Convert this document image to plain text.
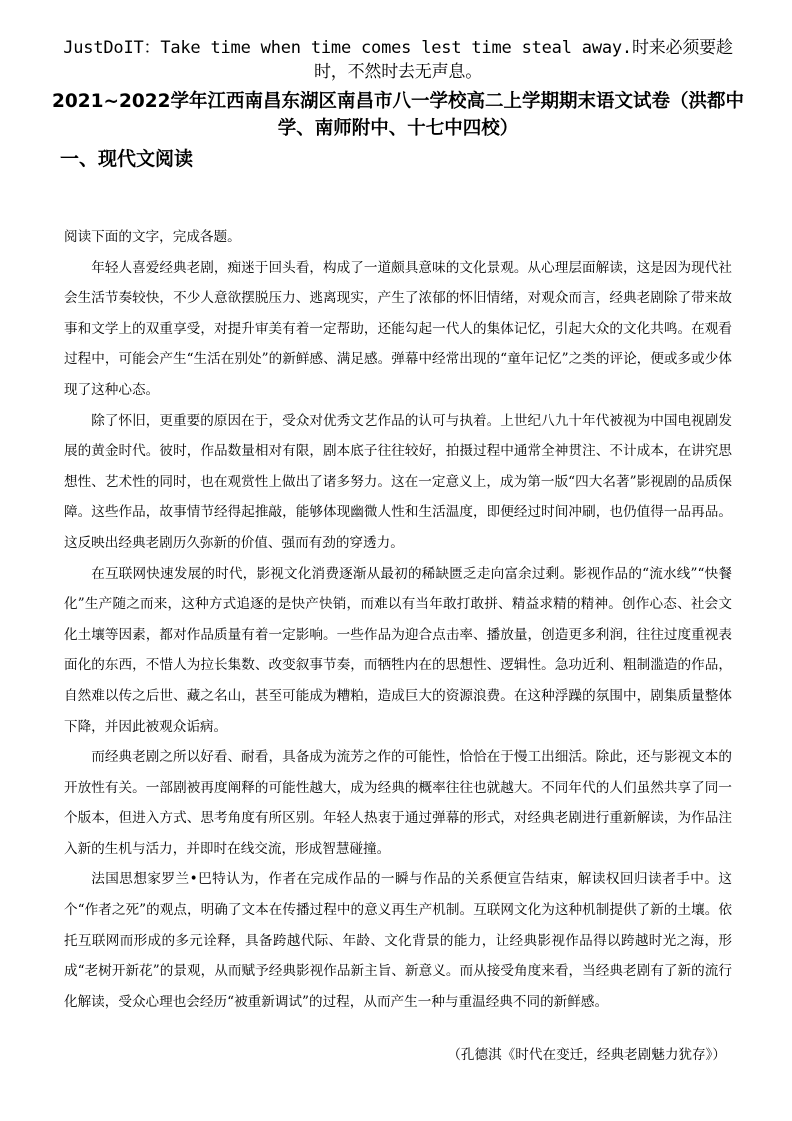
JustDoIT：Take time when time comes lest time steal away.时来必须要趁时，不然时去无声息。
2021~2022学年江西南昌东湖区南昌市八一学校高二上学期期末语文试卷（洪都中学、南师附中、十七中四校）
一、现代文阅读

阅读下面的文字，完成各题。

年轻人喜爱经典老剧，痴迷于回头看，构成了一道颇具意味的文化景观。从心理层面解读，这是因为现代社会生活节奏较快，不少人意欲摆脱压力、逃离现实，产生了浓郁的怀旧情绪，对观众而言，经典老剧除了带来故事和文学上的双重享受，对提升审美有着一定帮助，还能勾起一代人的集体记忆，引起大众的文化共鸣。在观看过程中，可能会产生“生活在别处”的新鲜感、满足感。弹幕中经常出现的“童年记忆”之类的评论，便或多或少体现了这种心态。

除了怀旧，更重要的原因在于，受众对优秀文艺作品的认可与执着。上世纪八九十年代被视为中国电视剧发展的黄金时代。彼时，作品数量相对有限，剧本底子往往较好，拍摄过程中通常全神贯注、不计成本，在讲究思想性、艺术性的同时，也在观赏性上做出了诸多努力。这在一定意义上，成为第一版“四大名著”影视剧的品质保障。这些作品，故事情节经得起推敲，能够体现幽微人性和生活温度，即便经过时间冲刷，也仍值得一品再品。这反映出经典老剧历久弥新的价值、强而有劲的穿透力。

在互联网快速发展的时代，影视文化消费逐渐从最初的稀缺匮乏走向富余过剩。影视作品的“流水线”“快餐化”生产随之而来，这种方式追逐的是快产快销，而难以有当年敢打敢拼、精益求精的精神。创作心态、社会文化土壤等因素，都对作品质量有着一定影响。一些作品为迎合点击率、播放量，创造更多利润，往往过度重视表面化的东西，不惜人为拉长集数、改变叙事节奏，而牺牲内在的思想性、逻辑性。急功近利、粗制滥造的作品，自然难以传之后世、藏之名山，甚至可能成为糟粕，造成巨大的资源浪费。在这种浮躁的氛围中，剧集质量整体下降，并因此被观众诟病。

而经典老剧之所以好看、耐看，具备成为流芳之作的可能性，恰恰在于慢工出细活。除此，还与影视文本的开放性有关。一部剧被再度阐释的可能性越大，成为经典的概率往往也就越大。不同年代的人们虽然共享了同一个版本，但进入方式、思考角度有所区别。年轻人热衷于通过弹幕的形式，对经典老剧进行重新解读，为作品注入新的生机与活力，并即时在线交流，形成智慧碰撞。

法国思想家罗兰•巴特认为，作者在完成作品的一瞬与作品的关系便宣告结束，解读权回归读者手中。这个“作者之死”的观点，明确了文本在传播过程中的意义再生产机制。互联网文化为这种机制提供了新的土壤。依托互联网而形成的多元诠释，具备跨越代际、年龄、文化背景的能力，让经典影视作品得以跨越时光之海，形成“老树开新花”的景观，从而赋予经典影视作品新主旨、新意义。而从接受角度来看，当经典老剧有了新的流行化解读，受众心理也会经历“被重新调试”的过程，从而产生一种与重温经典不同的新鲜感。

（孔德淇《时代在变迁，经典老剧魅力犹存》）
